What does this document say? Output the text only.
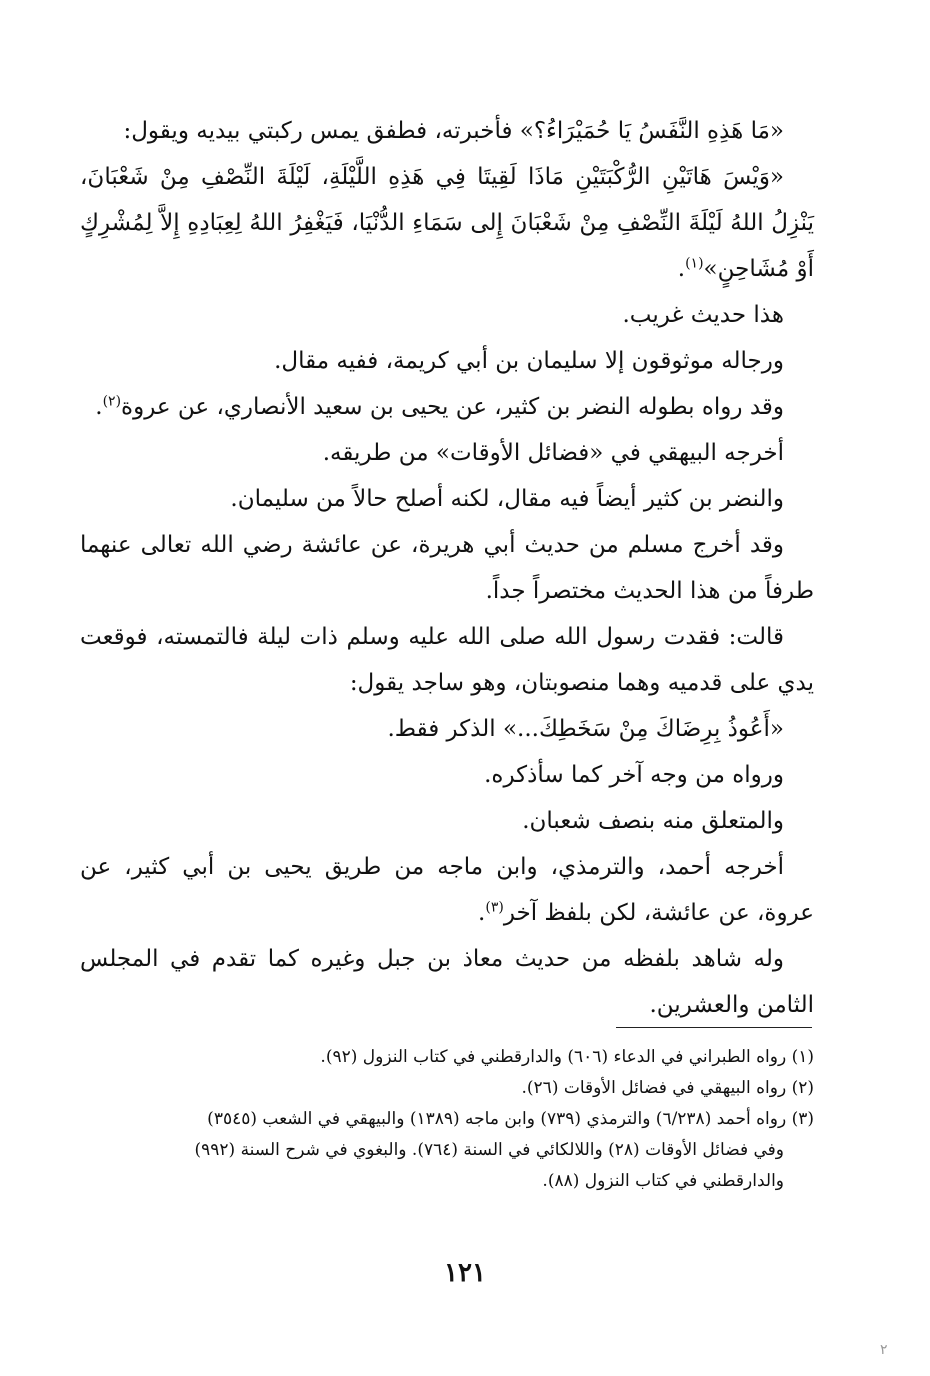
«مَا هَذِهِ النَّفَسُ يَا حُمَيْرَاءُ؟» فأخبرته، فطفق يمس ركبتي بيديه ويقول:

«وَيْسَ هَاتَيْنِ الرُّكْبَتَيْنِ مَاذَا لَقِيتَا فِي هَذِهِ اللَّيْلَةِ، لَيْلَةَ النِّصْفِ مِنْ شَعْبَانَ، يَنْزِلُ اللهُ لَيْلَةَ النِّصْفِ مِنْ شَعْبَانَ إِلى سَمَاءِ الدُّنْيَا، فَيَغْفِرُ اللهُ لِعِبَادِهِ إِلاَّ لِمُشْرِكٍ أَوْ مُشَاحِنٍ»$^{(١)}$.

هذا حديث غريب.

ورجاله موثوقون إلا سليمان بن أبي كريمة، ففيه مقال.

وقد رواه بطوله النضر بن كثير، عن يحيى بن سعيد الأنصاري، عن عروة$^{(٢)}$.

أخرجه البيهقي في «فضائل الأوقات» من طريقه.

والنضر بن كثير أيضاً فيه مقال، لكنه أصلح حالاً من سليمان.

وقد أخرج مسلم من حديث أبي هريرة، عن عائشة رضي الله تعالى عنهما طرفاً من هذا الحديث مختصراً جداً.

قالت: فقدت رسول الله صلى الله عليه وسلم ذات ليلة فالتمسته، فوقعت يدي على قدميه وهما منصوبتان، وهو ساجد يقول:

«أَعُوذُ بِرِضَاكَ مِنْ سَخَطِكَ...» الذكر فقط.

ورواه من وجه آخر كما سأذكره.

والمتعلق منه بنصف شعبان.

أخرجه أحمد، والترمذي، وابن ماجه من طريق يحيى بن أبي كثير، عن عروة، عن عائشة، لكن بلفظ آخر$^{(٣)}$.

وله شاهد بلفظه من حديث معاذ بن جبل وغيره كما تقدم في المجلس الثامن والعشرين.

(١) رواه الطبراني في الدعاء (٦٠٦) والدارقطني في كتاب النزول (٩٢).

(٢) رواه البيهقي في فضائل الأوقات (٢٦).

(٣) رواه أحمد (٦/٢٣٨) والترمذي (٧٣٩) وابن ماجه (١٣٨٩) والبيهقي في الشعب (٣٥٤٥)

وفي فضائل الأوقات (٢٨) واللالكائي في السنة (٧٦٤). والبغوي في شرح السنة (٩٩٢)

والدارقطني في كتاب النزول (٨٨).

١٢١
٢
